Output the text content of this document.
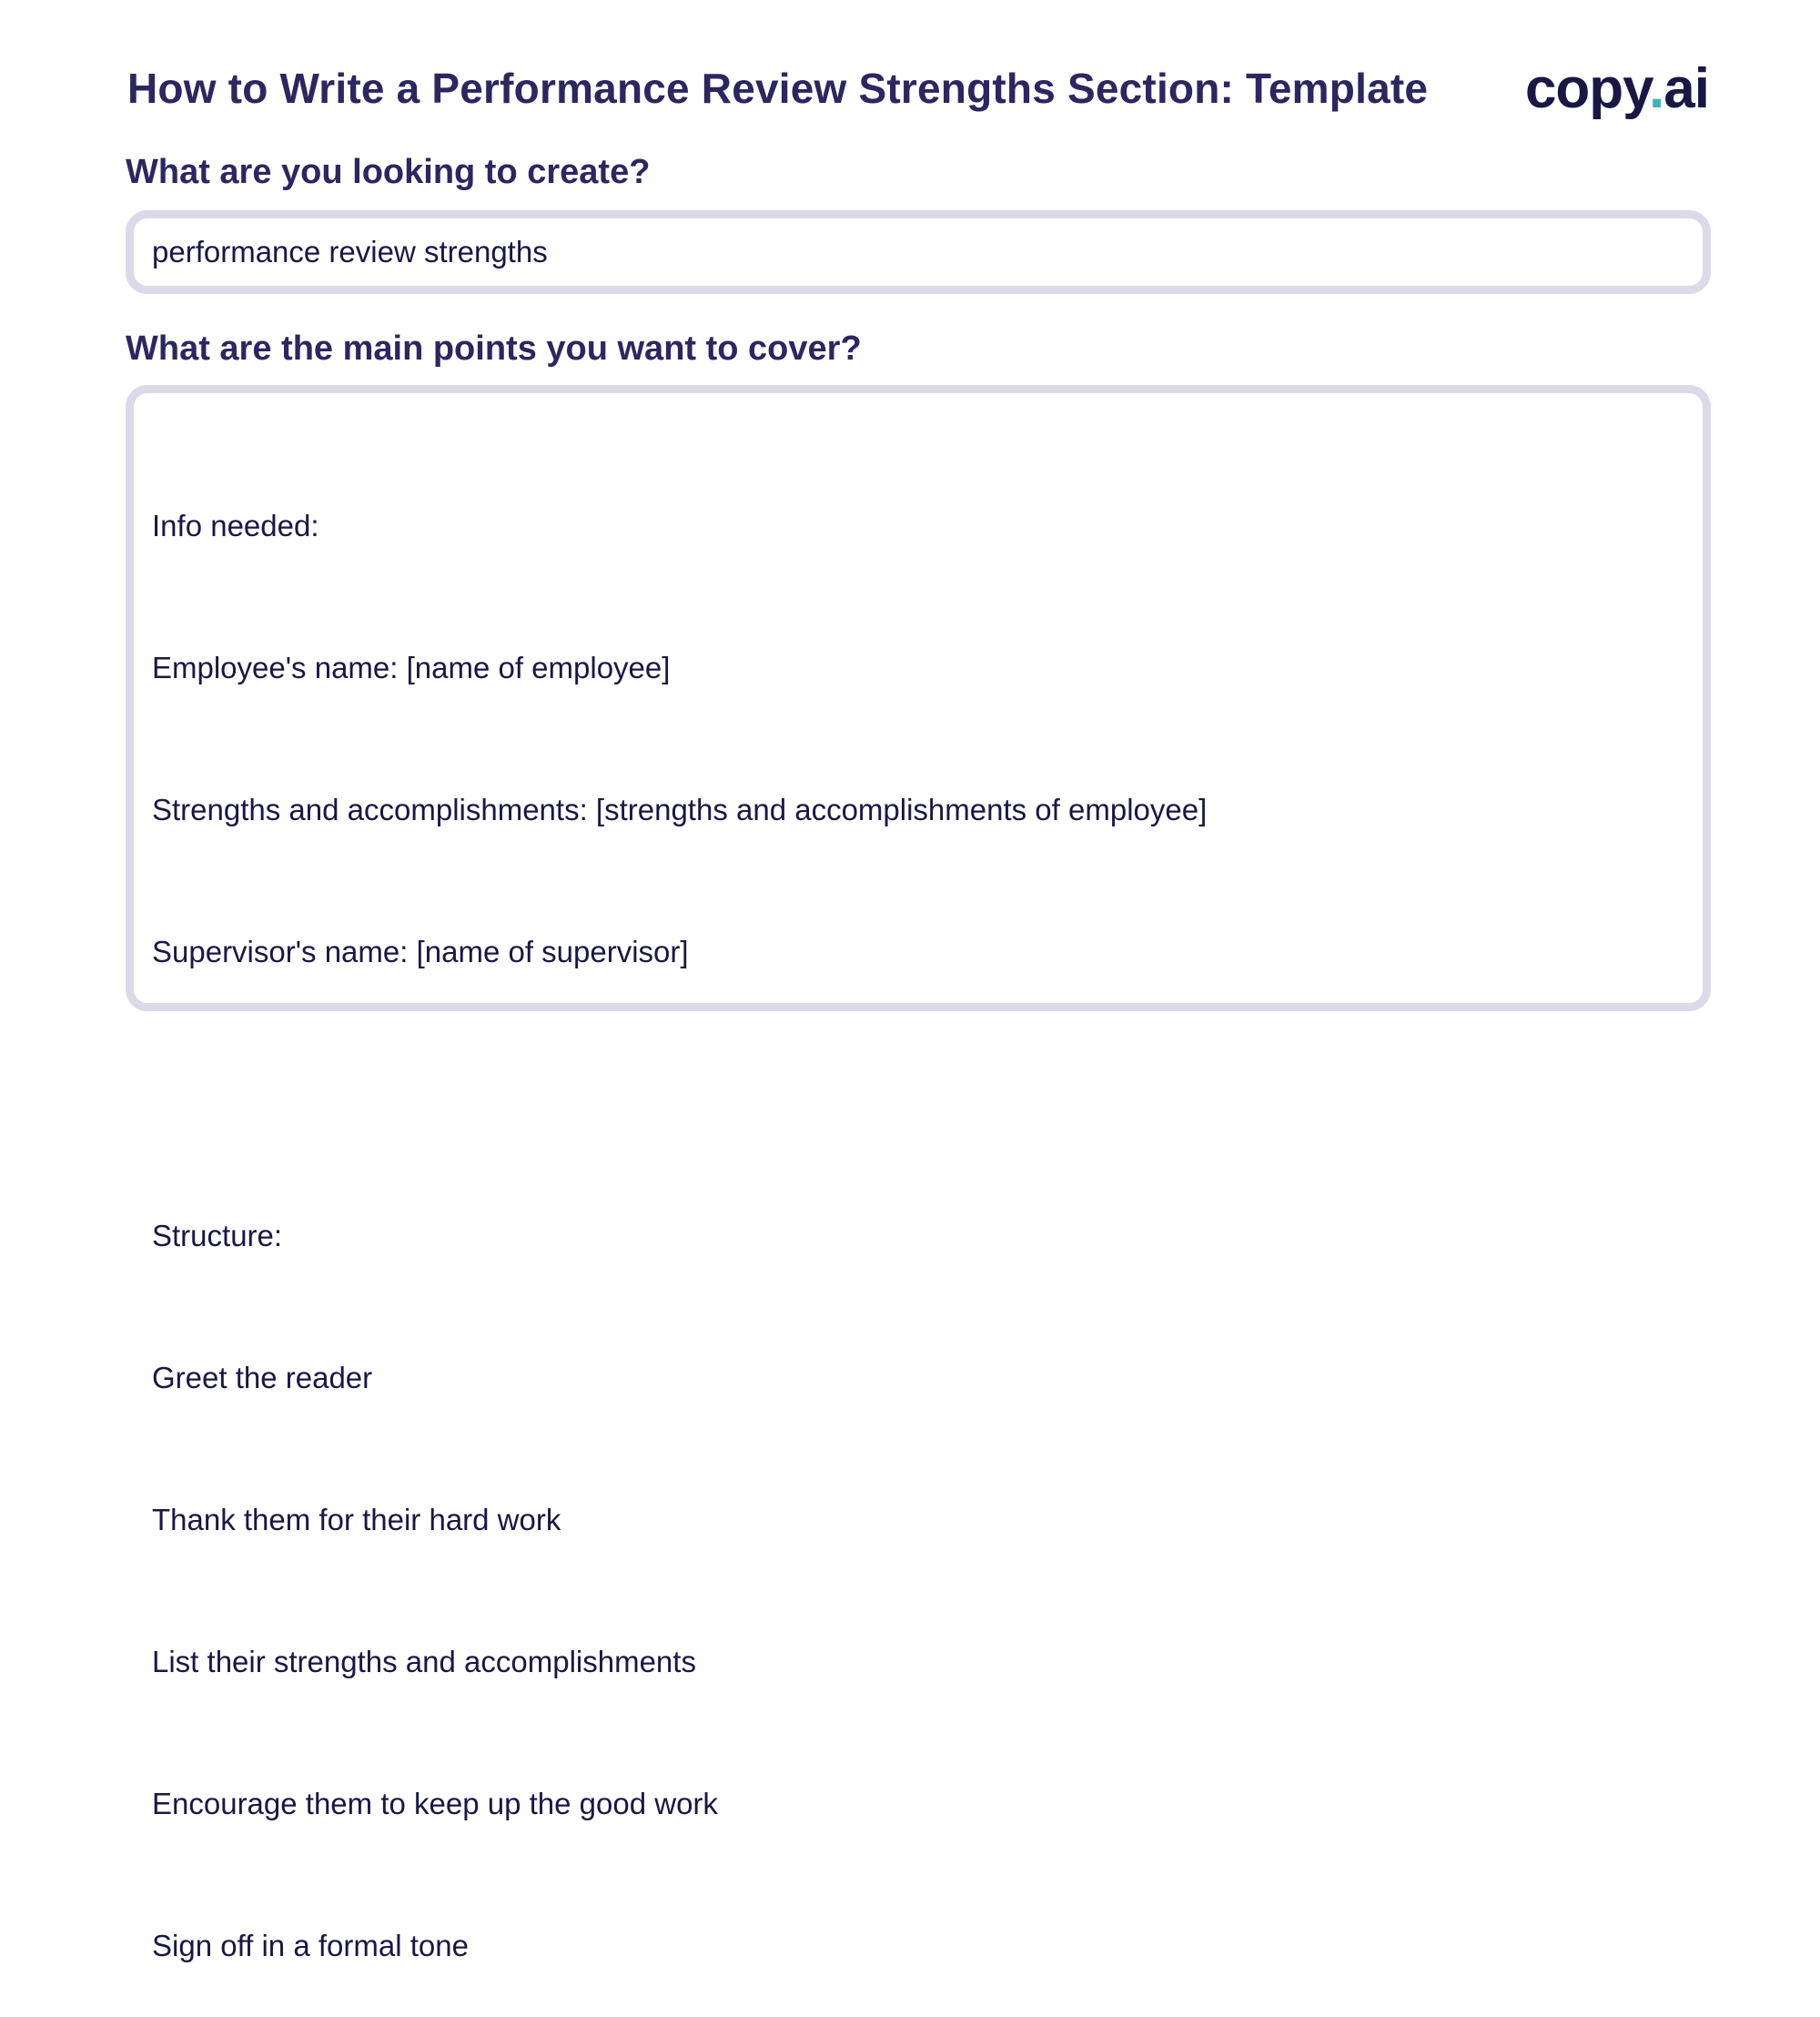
How to Write a Performance Review Strengths Section: Template copy.ai
What are you looking to create?
performance review strengths
What are the main points you want to cover?

Info needed:

Employee's name: [name of employee]

Strengths and accomplishments: [strengths and accomplishments of employee]

Supervisor's name: [name of supervisor]

Structure:

Greet the reader

Thank them for their hard work

List their strengths and accomplishments

Encourage them to keep up the good work

Sign off in a formal tone
